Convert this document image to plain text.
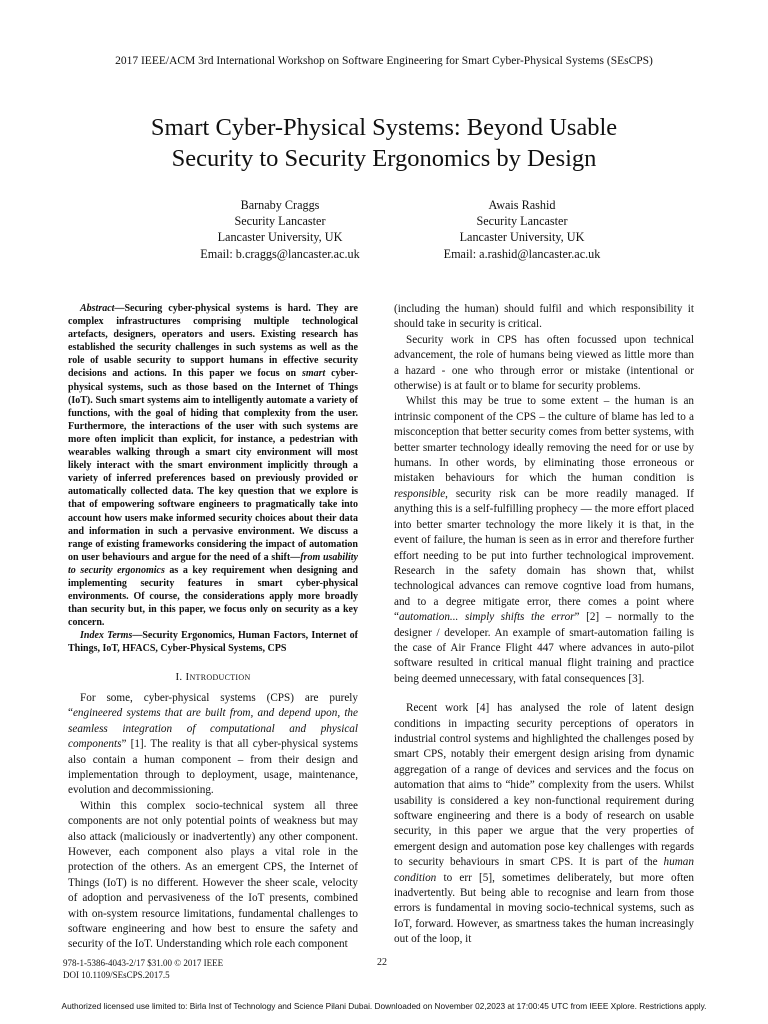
2017 IEEE/ACM 3rd International Workshop on Software Engineering for Smart Cyber-Physical Systems (SEsCPS)
Smart Cyber-Physical Systems: Beyond Usable
Security to Security Ergonomics by Design
Barnaby Craggs
Security Lancaster
Lancaster University, UK
Email: b.craggs@lancaster.ac.uk
Awais Rashid
Security Lancaster
Lancaster University, UK
Email: a.rashid@lancaster.ac.uk

Abstract—Securing cyber-physical systems is hard. They are complex infrastructures comprising multiple technological artefacts, designers, operators and users. Existing research has established the security challenges in such systems as well as the role of usable security to support humans in effective security decisions and actions. In this paper we focus on smart cyber-physical systems, such as those based on the Internet of Things (IoT). Such smart systems aim to intelligently automate a variety of functions, with the goal of hiding that complexity from the user. Furthermore, the interactions of the user with such systems are more often implicit than explicit, for instance, a pedestrian with wearables walking through a smart city environment will most likely interact with the smart environment implicitly through a variety of inferred preferences based on previously provided or automatically collected data. The key question that we explore is that of empowering software engineers to pragmatically take into account how users make informed security choices about their data and information in such a pervasive environment. We discuss a range of existing frameworks considering the impact of automation on user behaviours and argue for the need of a shift—from usability to security ergonomics as a key requirement when designing and implementing security features in smart cyber-physical environments. Of course, the considerations apply more broadly than security but, in this paper, we focus only on security as a key concern.

Index Terms—Security Ergonomics, Human Factors, Internet of Things, IoT, HFACS, Cyber-Physical Systems, CPS

I. Introduction

For some, cyber-physical systems (CPS) are purely “engineered systems that are built from, and depend upon, the seamless integration of computational and physical components” [1]. The reality is that all cyber-physical systems also contain a human component – from their design and implementation through to deployment, usage, maintenance, evolution and decommissioning.

Within this complex socio-technical system all three components are not only potential points of weakness but may also attack (maliciously or inadvertently) any other component. However, each component also plays a vital role in the protection of the others. As an emergent CPS, the Internet of Things (IoT) is no different. However the sheer scale, velocity of adoption and pervasiveness of the IoT presents, combined with on-system resource limitations, fundamental challenges to software engineering and how best to ensure the safety and security of the IoT. Understanding which role each component

(including the human) should fulfil and which responsibility it should take in security is critical.

Security work in CPS has often focussed upon technical advancement, the role of humans being viewed as little more than a hazard - one who through error or mistake (intentional or otherwise) is at fault or to blame for security problems.

Whilst this may be true to some extent – the human is an intrinsic component of the CPS – the culture of blame has led to a misconception that better security comes from better systems, with better smarter technology ideally removing the need for or use by humans. In other words, by eliminating those erroneous or mistaken behaviours for which the human condition is responsible, security risk can be more readily managed. If anything this is a self-fulfilling prophecy — the more effort placed into better smarter technology the more likely it is that, in the event of failure, the human is seen as in error and therefore further effort needing to be put into further technological improvement. Research in the safety domain has shown that, whilst technological advances can remove cogntive load from humans, and to a degree mitigate error, there comes a point where “automation... simply shifts the error” [2] – normally to the designer / developer. An example of smart-automation failing is the case of Air France Flight 447 where advances in auto-pilot software resulted in critical manual flight training and practice being deemed unnecessary, with fatal consequences [3].

Recent work [4] has analysed the role of latent design conditions in impacting security perceptions of operators in industrial control systems and highlighted the challenges posed by smart CPS, notably their emergent design arising from dynamic aggregation of a range of devices and services and the focus on automation that aims to “hide” complexity from the users. Whilst usability is considered a key non-functional requirement during software engineering and there is a body of research on usable security, in this paper we argue that the very properties of emergent design and automation pose key challenges with regards to security behaviours in smart CPS. It is part of the human condition to err [5], sometimes deliberately, but more often inadvertently. But being able to recognise and learn from those errors is fundamental in moving socio-technical systems, such as IoT, forward. However, as smartness takes the human increasingly out of the loop, it

978-1-5386-4043-2/17 $31.00 © 2017 IEEE
DOI 10.1109/SEsCPS.2017.5
22
Authorized licensed use limited to: Birla Inst of Technology and Science Pilani Dubai. Downloaded on November 02,2023 at 17:00:45 UTC from IEEE Xplore. Restrictions apply.
